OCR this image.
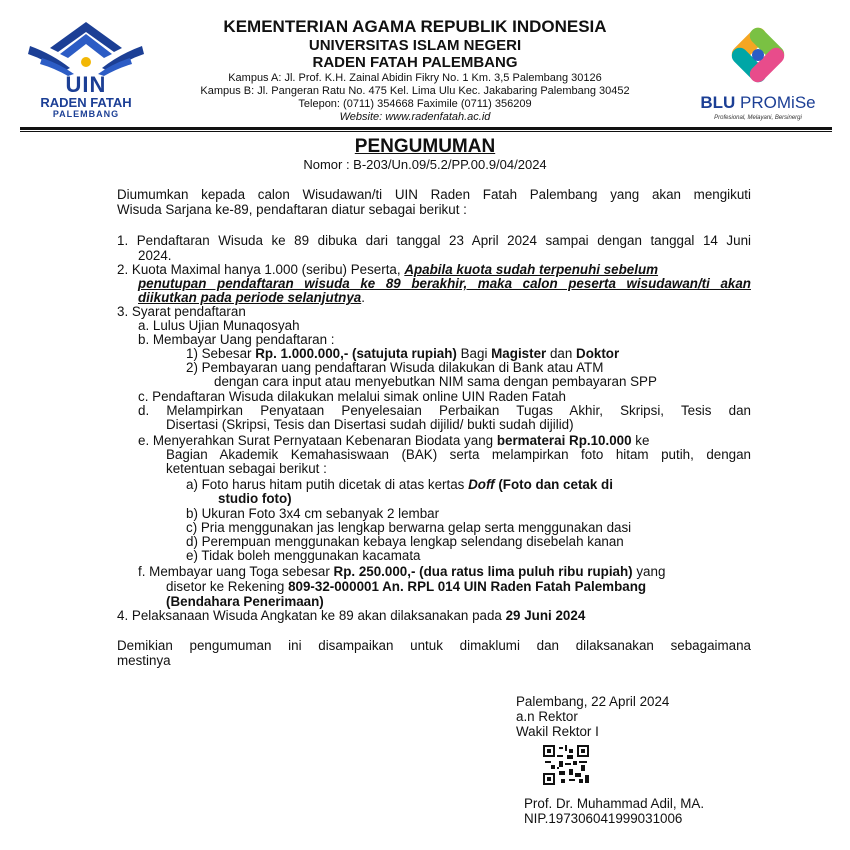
UIN
RADEN FATAH
PALEMBANG
KEMENTERIAN AGAMA REPUBLIK INDONESIA
UNIVERSITAS ISLAM NEGERI
RADEN FATAH PALEMBANG
Kampus A: Jl. Prof. K.H. Zainal Abidin Fikry No. 1 Km. 3,5 Palembang 30126
Kampus B: Jl. Pangeran Ratu No. 475 Kel. Lima Ulu Kec. Jakabaring Palembang 30452
Telepon: (0711) 354668 Faximile (0711) 356209
Website: www.radenfatah.ac.id
BLU PROMiSe
Profesional, Melayani, Bersinergi
PENGUMUMAN
Nomor : B-203/Un.09/5.2/PP.00.9/04/2024
Diumumkan kepada calon Wisudawan/ti UIN Raden Fatah Palembang yang akan mengikuti
Wisuda Sarjana ke-89, pendaftaran diatur sebagai berikut :
1. Pendaftaran Wisuda ke 89 dibuka dari tanggal 23 April 2024 sampai dengan tanggal 14 Juni
2024.
2. Kuota Maximal hanya 1.000 (seribu) Peserta, Apabila kuota sudah terpenuhi sebelum
penutupan pendaftaran wisuda ke 89 berakhir, maka calon peserta wisudawan/ti akan
diikutkan pada periode selanjutnya.
3. Syarat pendaftaran
a. Lulus Ujian Munaqosyah
b. Membayar Uang pendaftaran :
1) Sebesar Rp. 1.000.000,- (satujuta rupiah) Bagi Magister dan Doktor
2) Pembayaran uang pendaftaran Wisuda dilakukan di Bank atau ATM
dengan cara input atau menyebutkan NIM sama dengan pembayaran SPP
c. Pendaftaran Wisuda dilakukan melalui simak online UIN Raden Fatah
d. Melampirkan Penyataan Penyelesaian Perbaikan Tugas Akhir, Skripsi, Tesis dan
Disertasi (Skripsi, Tesis dan Disertasi sudah dijilid/ bukti sudah dijilid)
e. Menyerahkan Surat Pernyataan Kebenaran Biodata yang bermaterai Rp.10.000 ke
Bagian Akademik Kemahasiswaan (BAK) serta melampirkan foto hitam putih, dengan
ketentuan sebagai berikut :
a) Foto harus hitam putih dicetak di atas kertas Doff (Foto dan cetak di
studio foto)
b) Ukuran Foto 3x4 cm sebanyak 2 lembar
c) Pria menggunakan jas lengkap berwarna gelap serta menggunakan dasi
d) Perempuan menggunakan kebaya lengkap selendang disebelah kanan
e) Tidak boleh menggunakan kacamata
f. Membayar uang Toga sebesar Rp. 250.000,- (dua ratus lima puluh ribu rupiah) yang
disetor ke Rekening 809-32-000001 An. RPL 014 UIN Raden Fatah Palembang
(Bendahara Penerimaan)
4. Pelaksanaan Wisuda Angkatan ke 89 akan dilaksanakan pada 29 Juni 2024
Demikian pengumuman ini disampaikan untuk dimaklumi dan dilaksanakan sebagaimana
mestinya
Palembang, 22 April 2024
a.n Rektor
Wakil Rektor I
Prof. Dr. Muhammad Adil, MA.
NIP.197306041999031006
